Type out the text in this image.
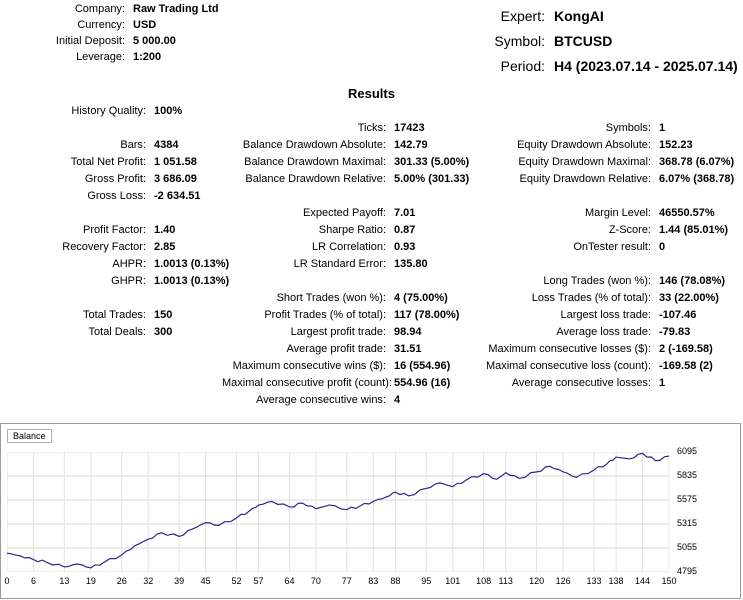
Company: Raw Trading Ltd
Currency: USD
Initial Deposit: 5 000.00
Leverage: 1:200
Expert: KongAI
Symbol: BTCUSD
Period: H4 (2023.07.14 - 2025.07.14)
Results
History Quality: 100%
Bars: 4384
Total Net Profit: 1 051.58
Gross Profit: 3 686.09
Gross Loss: -2 634.51
Profit Factor: 1.40
Recovery Factor: 2.85
AHPR: 1.0013 (0.13%)
GHPR: 1.0013 (0.13%)
Total Trades: 150
Total Deals: 300
Ticks: 17423
Balance Drawdown Absolute: 142.79
Balance Drawdown Maximal: 301.33 (5.00%)
Balance Drawdown Relative: 5.00% (301.33)
Expected Payoff: 7.01
Sharpe Ratio: 0.87
LR Correlation: 0.93
LR Standard Error: 135.80
Short Trades (won %): 4 (75.00%)
Profit Trades (% of total): 117 (78.00%)
Largest profit trade: 98.94
Average profit trade: 31.51
Maximum consecutive wins ($): 16 (554.96)
Maximal consecutive profit (count): 554.96 (16)
Average consecutive wins: 4
Symbols: 1
Equity Drawdown Absolute: 152.23
Equity Drawdown Maximal: 368.78 (6.07%)
Equity Drawdown Relative: 6.07% (368.78)
Margin Level: 46550.57%
Z-Score: 1.44 (85.01%)
OnTester result: 0
Long Trades (won %): 146 (78.08%)
Loss Trades (% of total): 33 (22.00%)
Largest loss trade: -107.46
Average loss trade: -79.83
Maximum consecutive losses ($): 2 (-169.58)
Maximal consecutive loss (count): -169.58 (2)
Average consecutive losses: 1
Balance
4795
5055
5315
5575
5835
6095
0 6	13 19 26 32 39 45 52 57 64 70 77 83 88 95 101 108 113 120 126 133 138 144 150
